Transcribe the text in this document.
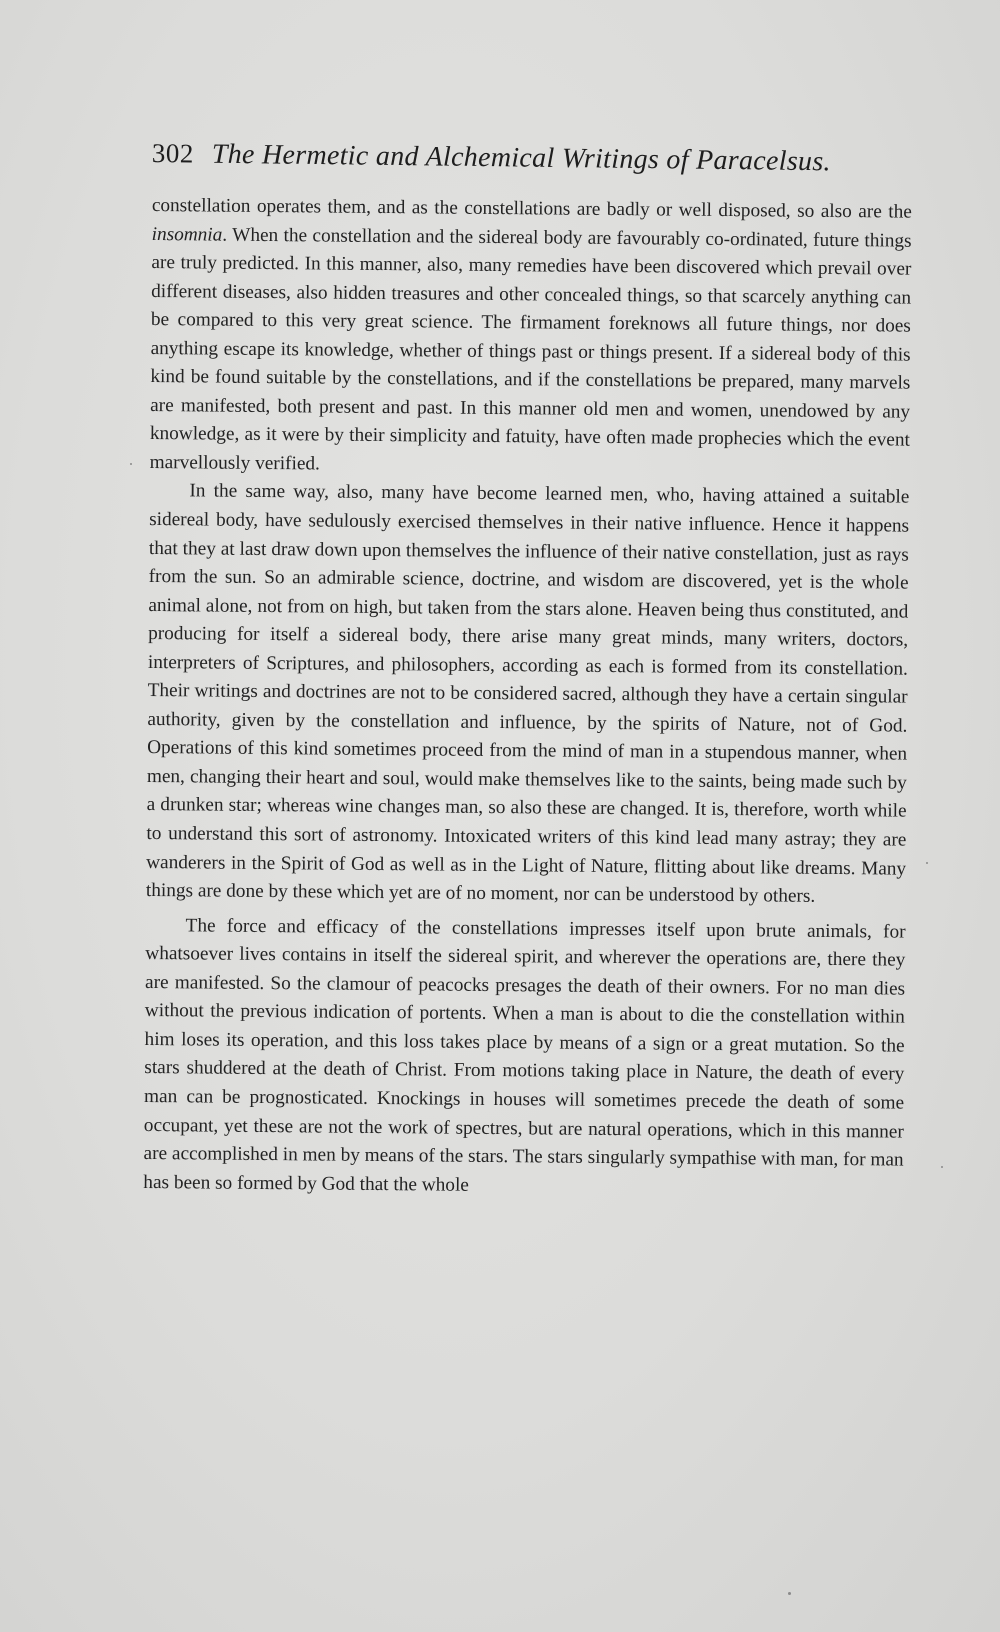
302 The Hermetic and Alchemical Writings of Paracelsus.

constellation operates them, and as the constellations are badly or well disposed, so also are the insomnia. When the constellation and the sidereal body are favourably co-ordinated, future things are truly predicted. In this manner, also, many remedies have been discovered which prevail over different diseases, also hidden treasures and other concealed things, so that scarcely anything can be compared to this very great science. The firmament foreknows all future things, nor does anything escape its knowledge, whether of things past or things present. If a sidereal body of this kind be found suitable by the constellations, and if the constellations be prepared, many marvels are manifested, both present and past. In this manner old men and women, unendowed by any knowledge, as it were by their simplicity and fatuity, have often made prophecies which the event marvellously verified.

In the same way, also, many have become learned men, who, having attained a suitable sidereal body, have sedulously exercised themselves in their native influence. Hence it happens that they at last draw down upon themselves the influence of their native constellation, just as rays from the sun. So an admirable science, doctrine, and wisdom are discovered, yet is the whole animal alone, not from on high, but taken from the stars alone. Heaven being thus constituted, and producing for itself a sidereal body, there arise many great minds, many writers, doctors, interpreters of Scriptures, and philosophers, according as each is formed from its constellation. Their writings and doctrines are not to be considered sacred, although they have a certain singular authority, given by the constellation and influence, by the spirits of Nature, not of God. Operations of this kind sometimes proceed from the mind of man in a stupendous manner, when men, changing their heart and soul, would make themselves like to the saints, being made such by a drunken star; whereas wine changes man, so also these are changed. It is, therefore, worth while to understand this sort of astronomy. Intoxicated writers of this kind lead many astray; they are wanderers in the Spirit of God as well as in the Light of Nature, flitting about like dreams. Many things are done by these which yet are of no moment, nor can be understood by others.

The force and efficacy of the constellations impresses itself upon brute animals, for whatsoever lives contains in itself the sidereal spirit, and wherever the operations are, there they are manifested. So the clamour of peacocks presages the death of their owners. For no man dies without the previous indication of portents. When a man is about to die the constellation within him loses its operation, and this loss takes place by means of a sign or a great mutation. So the stars shuddered at the death of Christ. From motions taking place in Nature, the death of every man can be prognosticated. Knockings in houses will sometimes precede the death of some occupant, yet these are not the work of spectres, but are natural operations, which in this manner are accomplished in men by means of the stars. The stars singularly sympathise with man, for man has been so formed by God that the whole
